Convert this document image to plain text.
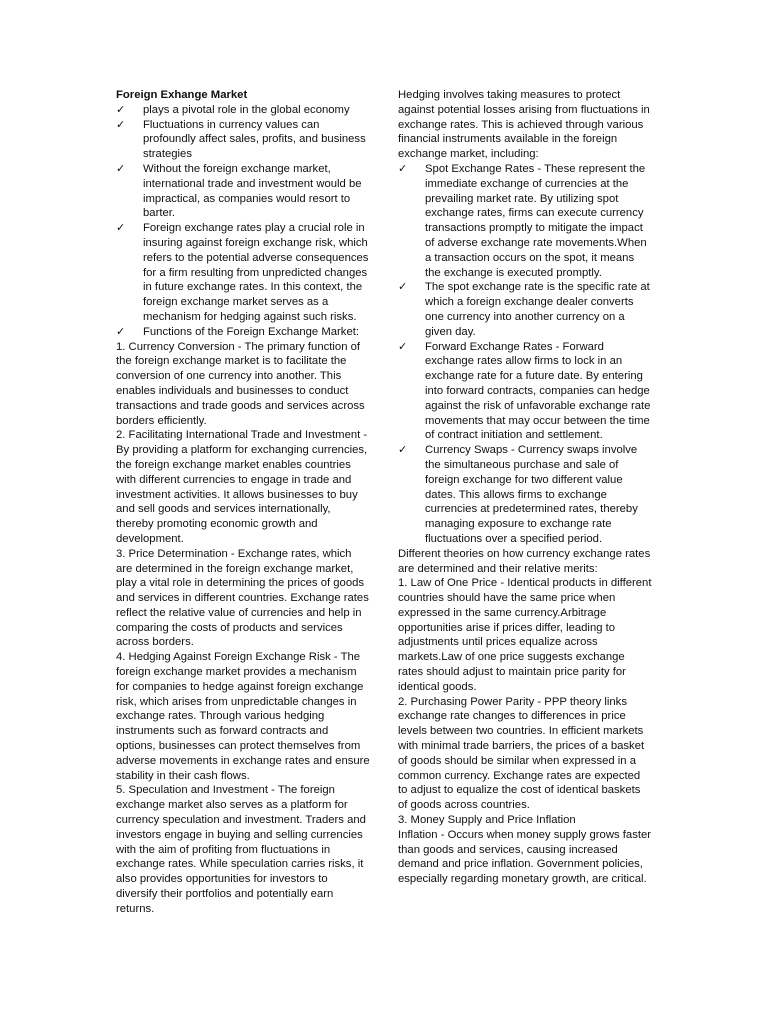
Foreign Exhange Market

✓	plays a pivotal role in the global economy
✓	Fluctuations in currency values can profoundly affect sales, profits, and business strategies
✓	Without the foreign exchange market, international trade and investment would be impractical, as companies would resort to barter.
✓	Foreign exchange rates play a crucial role in insuring against foreign exchange risk, which refers to the potential adverse consequences for a firm resulting from unpredicted changes in future exchange rates. In this context, the foreign exchange market serves as a mechanism for hedging against such risks.
✓	Functions of the Foreign Exchange Market:
1. Currency Conversion - The primary function of the foreign exchange market is to facilitate the conversion of one currency into another. This enables individuals and businesses to conduct transactions and trade goods and services across borders efficiently.
2. Facilitating International Trade and Investment - By providing a platform for exchanging currencies, the foreign exchange market enables countries with different currencies to engage in trade and investment activities. It allows businesses to buy and sell goods and services internationally, thereby promoting economic growth and development.
3. Price Determination - Exchange rates, which are determined in the foreign exchange market, play a vital role in determining the prices of goods and services in different countries. Exchange rates reflect the relative value of currencies and help in comparing the costs of products and services across borders.
4. Hedging Against Foreign Exchange Risk - The foreign exchange market provides a mechanism for companies to hedge against foreign exchange risk, which arises from unpredictable changes in exchange rates. Through various hedging instruments such as forward contracts and options, businesses can protect themselves from adverse movements in exchange rates and ensure stability in their cash flows.
5. Speculation and Investment - The foreign exchange market also serves as a platform for currency speculation and investment. Traders and investors engage in buying and selling currencies with the aim of profiting from fluctuations in exchange rates. While speculation carries risks, it also provides opportunities for investors to diversify their portfolios and potentially earn returns.

Hedging involves taking measures to protect against potential losses arising from fluctuations in exchange rates. This is achieved through various financial instruments available in the foreign exchange market, including:

✓	Spot Exchange Rates - These represent the immediate exchange of currencies at the prevailing market rate. By utilizing spot exchange rates, firms can execute currency transactions promptly to mitigate the impact of adverse exchange rate movements.When a transaction occurs on the spot, it means the exchange is executed promptly.
✓	The spot exchange rate is the specific rate at which a foreign exchange dealer converts one currency into another currency on a given day.
✓	Forward Exchange Rates - Forward exchange rates allow firms to lock in an exchange rate for a future date. By entering into forward contracts, companies can hedge against the risk of unfavorable exchange rate movements that may occur between the time of contract initiation and settlement.
✓	Currency Swaps - Currency swaps involve the simultaneous purchase and sale of foreign exchange for two different value dates. This allows firms to exchange currencies at predetermined rates, thereby managing exposure to exchange rate fluctuations over a specified period.

Different theories on how currency exchange rates are determined and their relative merits:

1. Law of One Price - Identical products in different countries should have the same price when expressed in the same currency.Arbitrage opportunities arise if prices differ, leading to adjustments until prices equalize across markets.Law of one price suggests exchange rates should adjust to maintain price parity for identical goods.
2. Purchasing Power Parity - PPP theory links exchange rate changes to differences in price levels between two countries. In efficient markets with minimal trade barriers, the prices of a basket of goods should be similar when expressed in a common currency. Exchange rates are expected to adjust to equalize the cost of identical baskets of goods across countries.
3. Money Supply and Price Inflation
Inflation - Occurs when money supply grows faster than goods and services, causing increased demand and price inflation. Government policies, especially regarding monetary growth, are critical.
